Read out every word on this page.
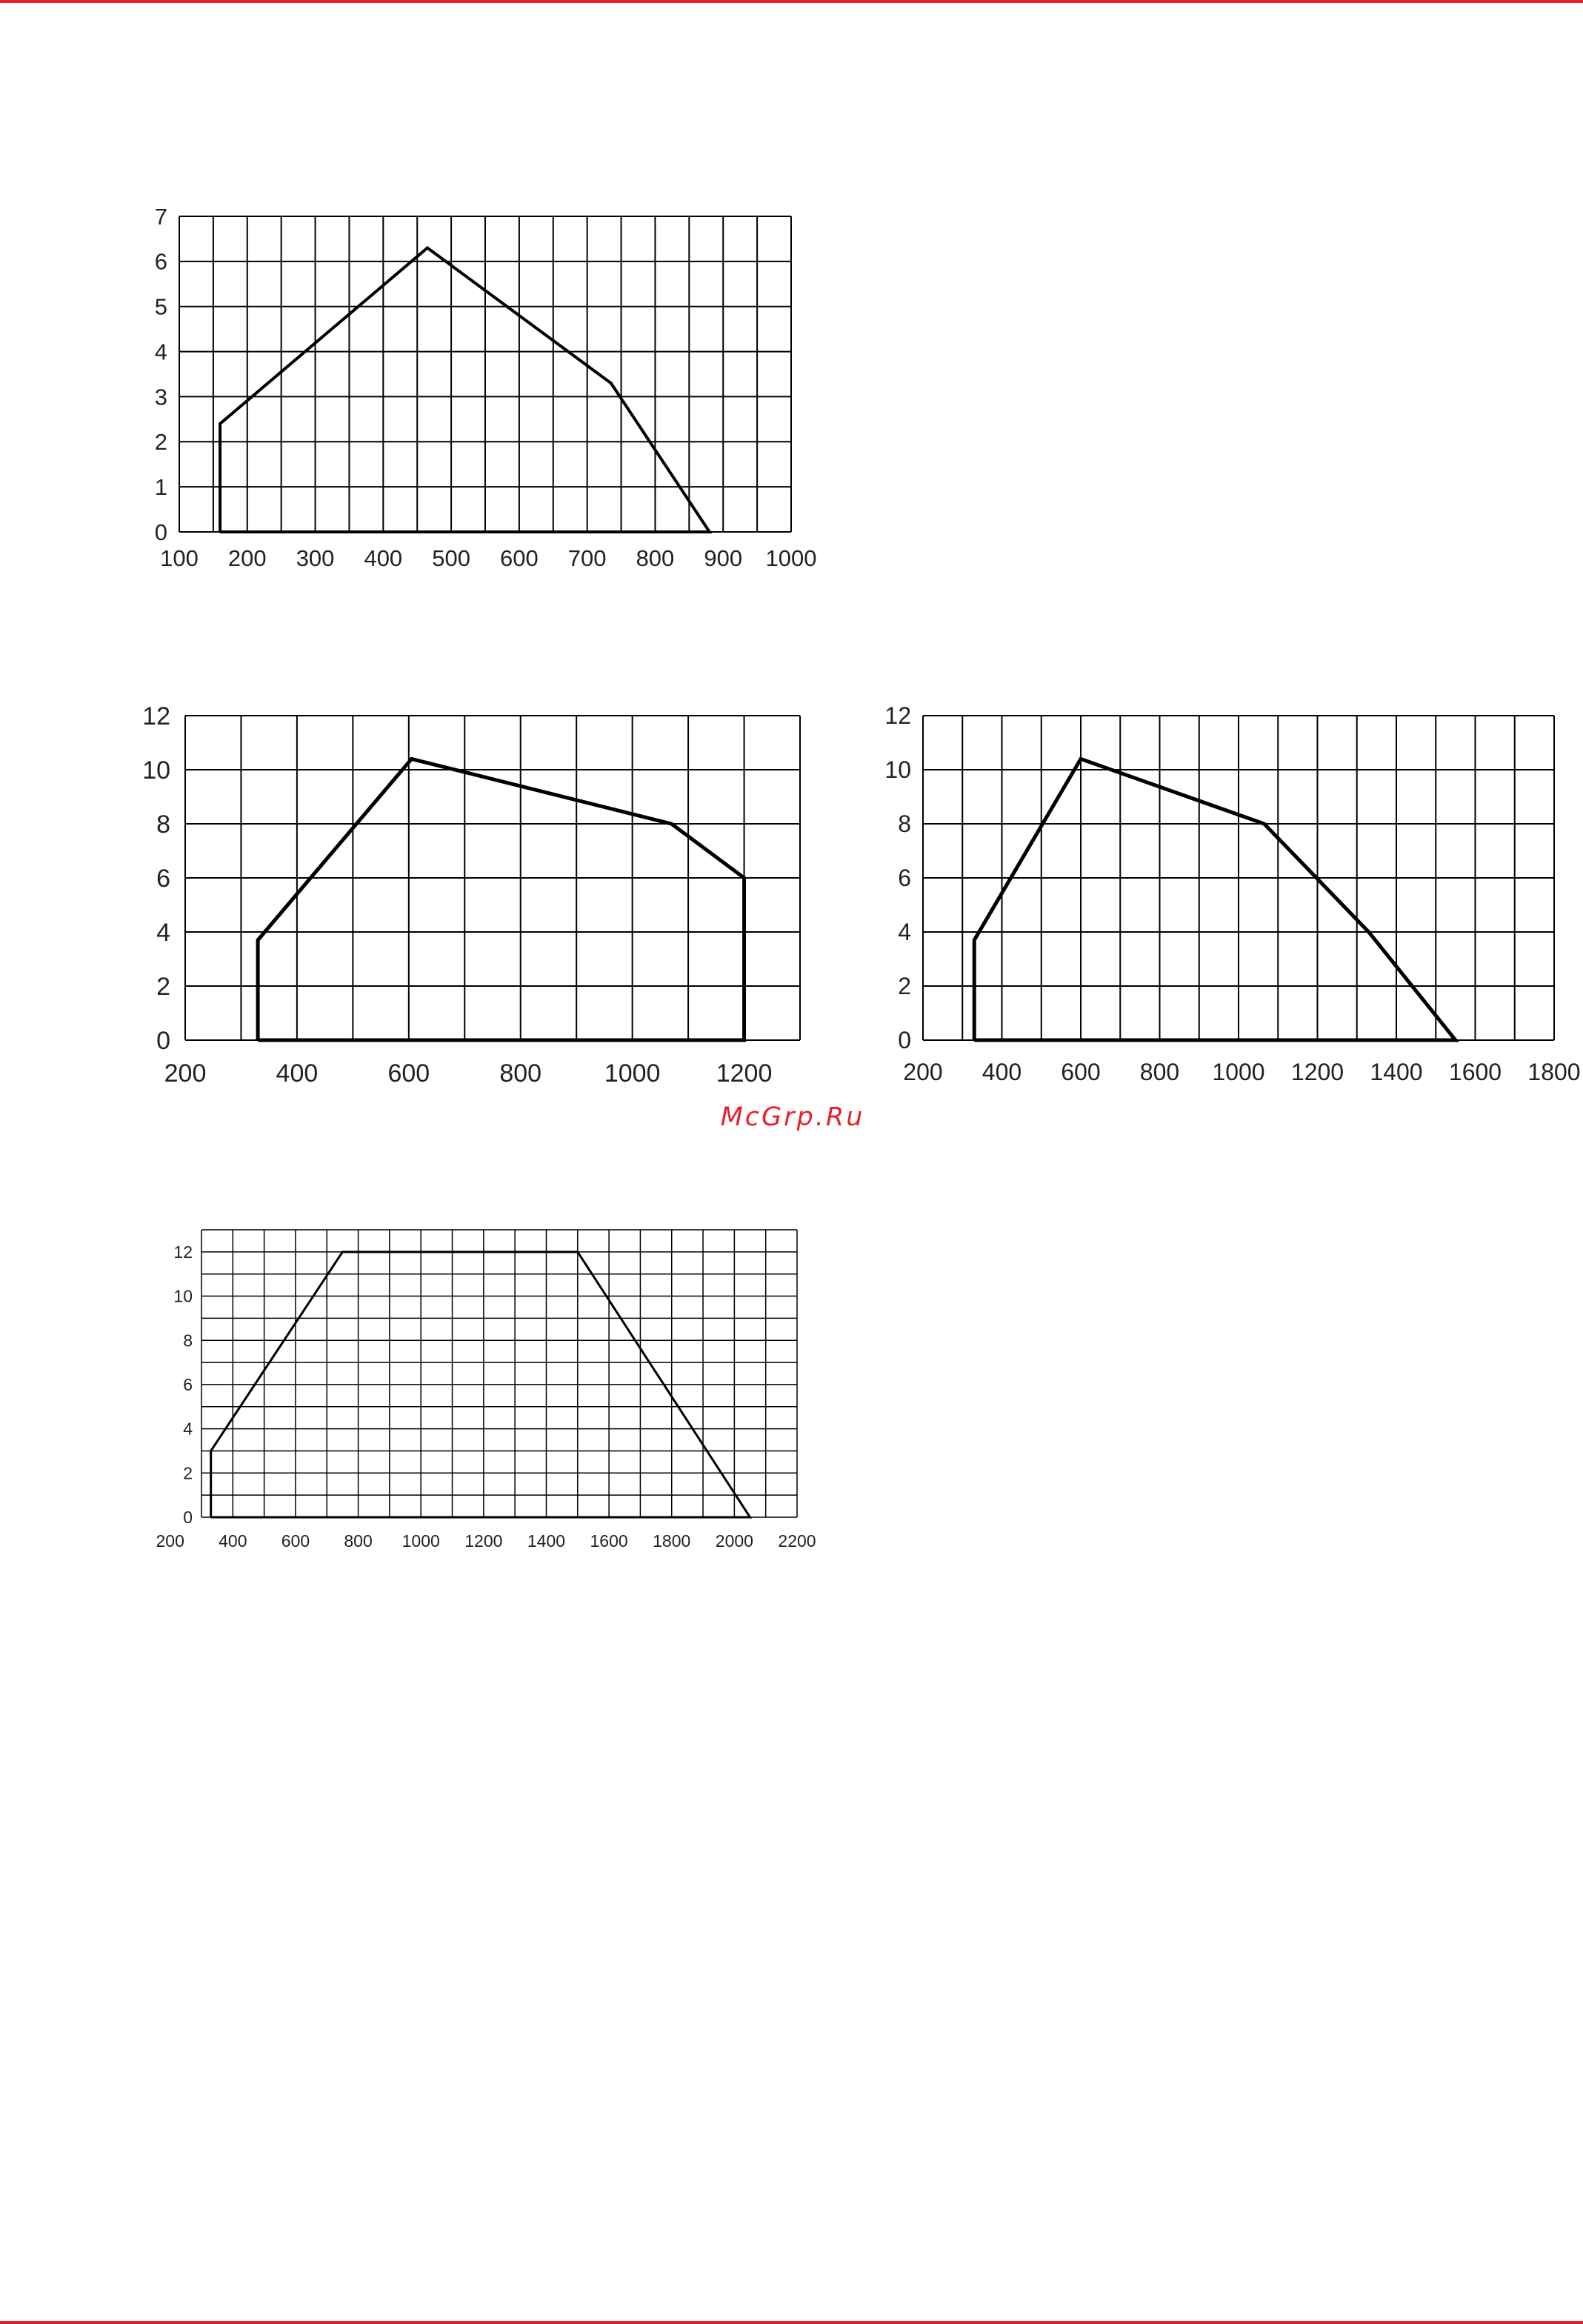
100 200 300 400 500 600 700 800 900 1000
0
1
2
3
4
5
6
7
200	400	600	800 1000 1200
0
2
4
6
8
10
12
200 400 600 800 1000 1200 1400 1600 1800
0
2
4
6
8
10
12
200 400 600 800 1000 1200 1400 1600 1800 2000 2200
0
2
4
6
8
10
12
McGrp.Ru
